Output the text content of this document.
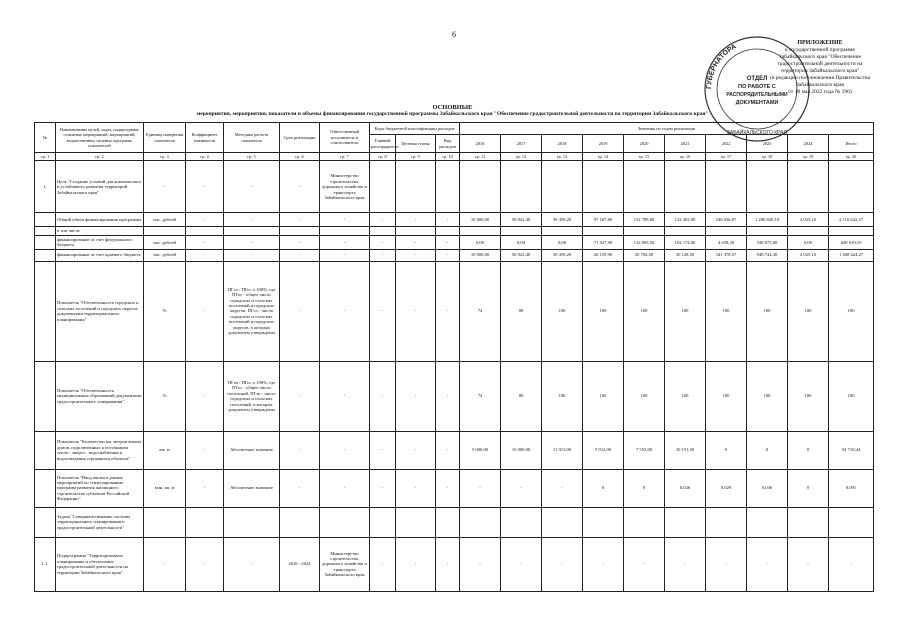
6
ГУБЕРНАТОРА
ОТДЕЛ
ПО РАБОТЕ С
РАСПОРЯДИТЕЛЬНЫМИ
ДОКУМЕНТАМИ
ЗАБАЙКАЛЬСКОГО КРАЯ
ПРИЛОЖЕНИЕ
к государственной программе
Забайкальского края "Обеспечение
градостроительной деятельности на
территории Забайкальского края"
(в редакции постановления Правительства
Забайкальского края
от 18 мая 2022 года № 190)
ОСНОВНЫЕ
мероприятия, мероприятия, показатели и объемы финансирования государственной программы Забайкальского края "Обеспечение градостроительной деятельности на территории Забайкальского края"
№	Наименование целей, задач, подпрограмм, основных мероприятий, мероприятий, ведомственных целевых программ, показателей	Единица измерения показателя	Коэффициент значимости	Методика расчета показателя	Срок реализации	Ответственный исполнитель и соисполнитель	Коды бюджетной классификации расходов			Значения по годам реализации									
							Главный распорядитель	Целевая статья	Вид расходов	2016	2017	2018	2019	2020	2021	2022	2023	2024	Итого
гр. 1	гр. 2	гр. 3	гр. 4	гр. 5	гр. 6	гр. 7	гр. 8	гр. 9	гр. 10	гр. 11	гр. 12	гр. 13	гр. 14	гр. 15	гр. 16	гр. 17	гр. 18	гр. 19	гр. 20
1.	Цель "Создание условий для комплексного и устойчивого развития территорий Забайкальского края"	-	-	-	-	Министерство строительства, дорожного хозяйства и транспорта Забайкальского края													
	Общий объем финансирования программы	тыс. рублей	-	-	-	-	-	-	-	10 000,00	50 022,40	39 459,20	97 187,80	152 788,80	132 302,90	346 036,87	1 286 820,10	2 025,10	2 116 642,37
	в том числе																		
	финансирование за счет федерального бюджета	тыс. рублей	-	-	-	-	-	-	-	0,00	0,00	0,00	71 027,90	132 083,50	102 174,00	4 658,30	338 075,80	0,00	648 019,10
	финансирование за счет краевого бюджета	тыс. рублей	-	-	-	-	-	-	-	10 000,00	50 022,40	39 459,20	26 159,90	20 704,50	30 128,50	341 378,57	948 744,30	2 025,10	1 468 624,27
	Показатель "Обеспеченность городских и сельских поселений и городских округов документами территориального планирования"	%	-	ПГсо / ПГос х 100%, где ПГос - общее число городских и сельских поселений и городских округов, ПГсо - число городских и сельских поселений и городских округов, в которых документы утверждены	-	-	-	-	-	74	80	100	100	100	100	100	100	100	100
	Показатель "Обеспеченность муниципальных образований документами градостроительного зонирования"	%	-	ПГзп / ПГос х 100%, где ПГос - общее число поселений, ПГзп - число городских и сельских поселений, в которых документы утверждены	-	-	-	-	-	74	80	100	100	100	100	100	100	100	100
	Показатель "Количество км. метров жилых домов, подключенных к источникам тепло-, энерго-, водоснабжения и водоотведения строящихся объектов"	км. м	-	Абсолютное значение	-	-	-	-	-	5 000,00	15 000,00	11 013,00	5 912,00	7 553,00	10 151,50	0	0	0	54 710,44
	Показатель "Ввод жилья в рамках мероприятий по стимулированию программ развития жилищного строительства субъектов Российской Федерации"	млн. кв. м	-	Абсолютное значение	-	-	-	-	-	-	-	-	0	0	0,026	0,029	0,036	0	0,091
	Задача "Совершенствование системы территориального планирования и градостроительной деятельности"																		
1.1.	Подпрограмма "Территориальное планирование и обеспечение градостроительной деятельности на территории Забайкальского края"	-	-	-	2016 - 2024	Министерство строительства, дорожного хозяйства и транспорта Забайкальского края	-	-	-	-	-	-	-	-	-	-	-	-	-
